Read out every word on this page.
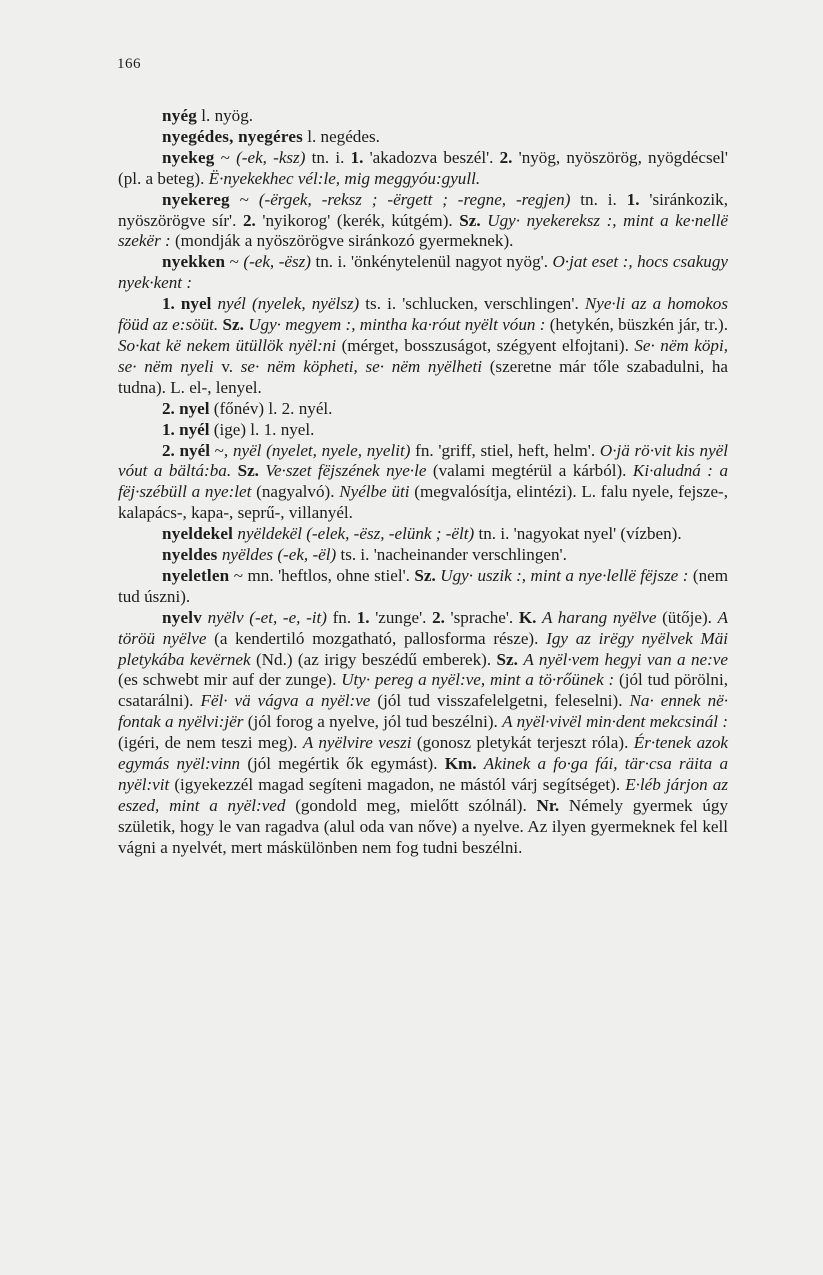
166

nyég l. nyög.

nyegédes, nyegéres l. negédes.

nyekeg ~ (-ek, -ksz) tn. i. 1. 'akadozva beszél'. 2. 'nyög, nyöszörög, nyögdécsel' (pl. a beteg). Ë·nyekekhec vél:le, mig meggyóu:gyull.

nyekereg ~ (-ërgek, -reksz ; -ërgett ; -regne, -regjen) tn. i. 1. 'siránkozik, nyöszörögve sír'. 2. 'nyikorog' (kerék, kútgém). Sz. Ugy· nyekereksz :, mint a ke·nellë szekër : (mondják a nyöszörögve siránkozó gyermeknek).

nyekken ~ (-ek, -ësz) tn. i. 'önkénytelenül nagyot nyög'. O·jat eset :, hocs csakugy nyek·kent :

1. nyel nyél (nyelek, nyëlsz) ts. i. 'schlucken, verschlingen'. Nye·li az a homokos föüd az e:söüt. Sz. Ugy· megyem :, mintha ka·róut nyëlt vóun : (hetykén, büszkén jár, tr.). So·kat kë nekem ütüllök nyël:ni (mérget, bosszuságot, szégyent elfojtani). Se· nëm köpi, se· nëm nyeli v. se· nëm köpheti, se· nëm nyëlheti (szeretne már tőle szabadulni, ha tudna). L. el-, lenyel.

2. nyel (főnév) l. 2. nyél.

1. nyél (ige) l. 1. nyel.

2. nyél ~, nyël (nyelet, nyele, nyelit) fn. 'griff, stiel, heft, helm'. O·jä rö·vit kis nyël vóut a bältá:ba. Sz. Ve·szet fëjszének nye·le (valami megtérül a kárból). Ki·aludná : a fëj·szébüll a nye:let (nagyalvó). Nyélbe üti (megvalósítja, elintézi). L. falu nyele, fejsze-, kalapács-, kapa-, seprű-, villanyél.

nyeldekel nyëldekël (-elek, -ësz, -elünk ; -ëlt) tn. i. 'nagyokat nyel' (vízben).

nyeldes nyëldes (-ek, -ël) ts. i. 'nacheinander verschlingen'.

nyeletlen ~ mn. 'heftlos, ohne stiel'. Sz. Ugy· uszik :, mint a nye·lellë fëjsze : (nem tud úszni).

nyelv nyëlv (-et, -e, -it) fn. 1. 'zunge'. 2. 'sprache'. K. A harang nyëlve (ütője). A töröü nyëlve (a kendertiló mozgatható, pallosforma része). Igy az irëgy nyëlvek Mäi pletykába kevërnek (Nd.) (az irigy beszédű emberek). Sz. A nyël·vem hegyi van a ne:ve (es schwebt mir auf der zunge). Uty· pereg a nyël:ve, mint a tö·rőünek : (jól tud pörölni, csatarálni). Fël· vä vágva a nyël:ve (jól tud visszafelelgetni, feleselni). Na· ennek në· fontak a nyëlvi:jër (jól forog a nyelve, jól tud beszélni). A nyël·vivël min·dent mekcsinál : (igéri, de nem teszi meg). A nyëlvire veszi (gonosz pletykát terjeszt róla). Ér·tenek azok egymás nyël:vinn (jól megértik ők egymást). Km. Akinek a fo·ga fái, tär·csa räita a nyël:vit (igyekezzél magad segíteni magadon, ne mástól várj segítséget). E·léb járjon az eszed, mint a nyël:ved (gondold meg, mielőtt szólnál). Nr. Némely gyermek úgy születik, hogy le van ragadva (alul oda van nőve) a nyelve. Az ilyen gyermeknek fel kell vágni a nyelvét, mert máskülönben nem fog tudni beszélni.
